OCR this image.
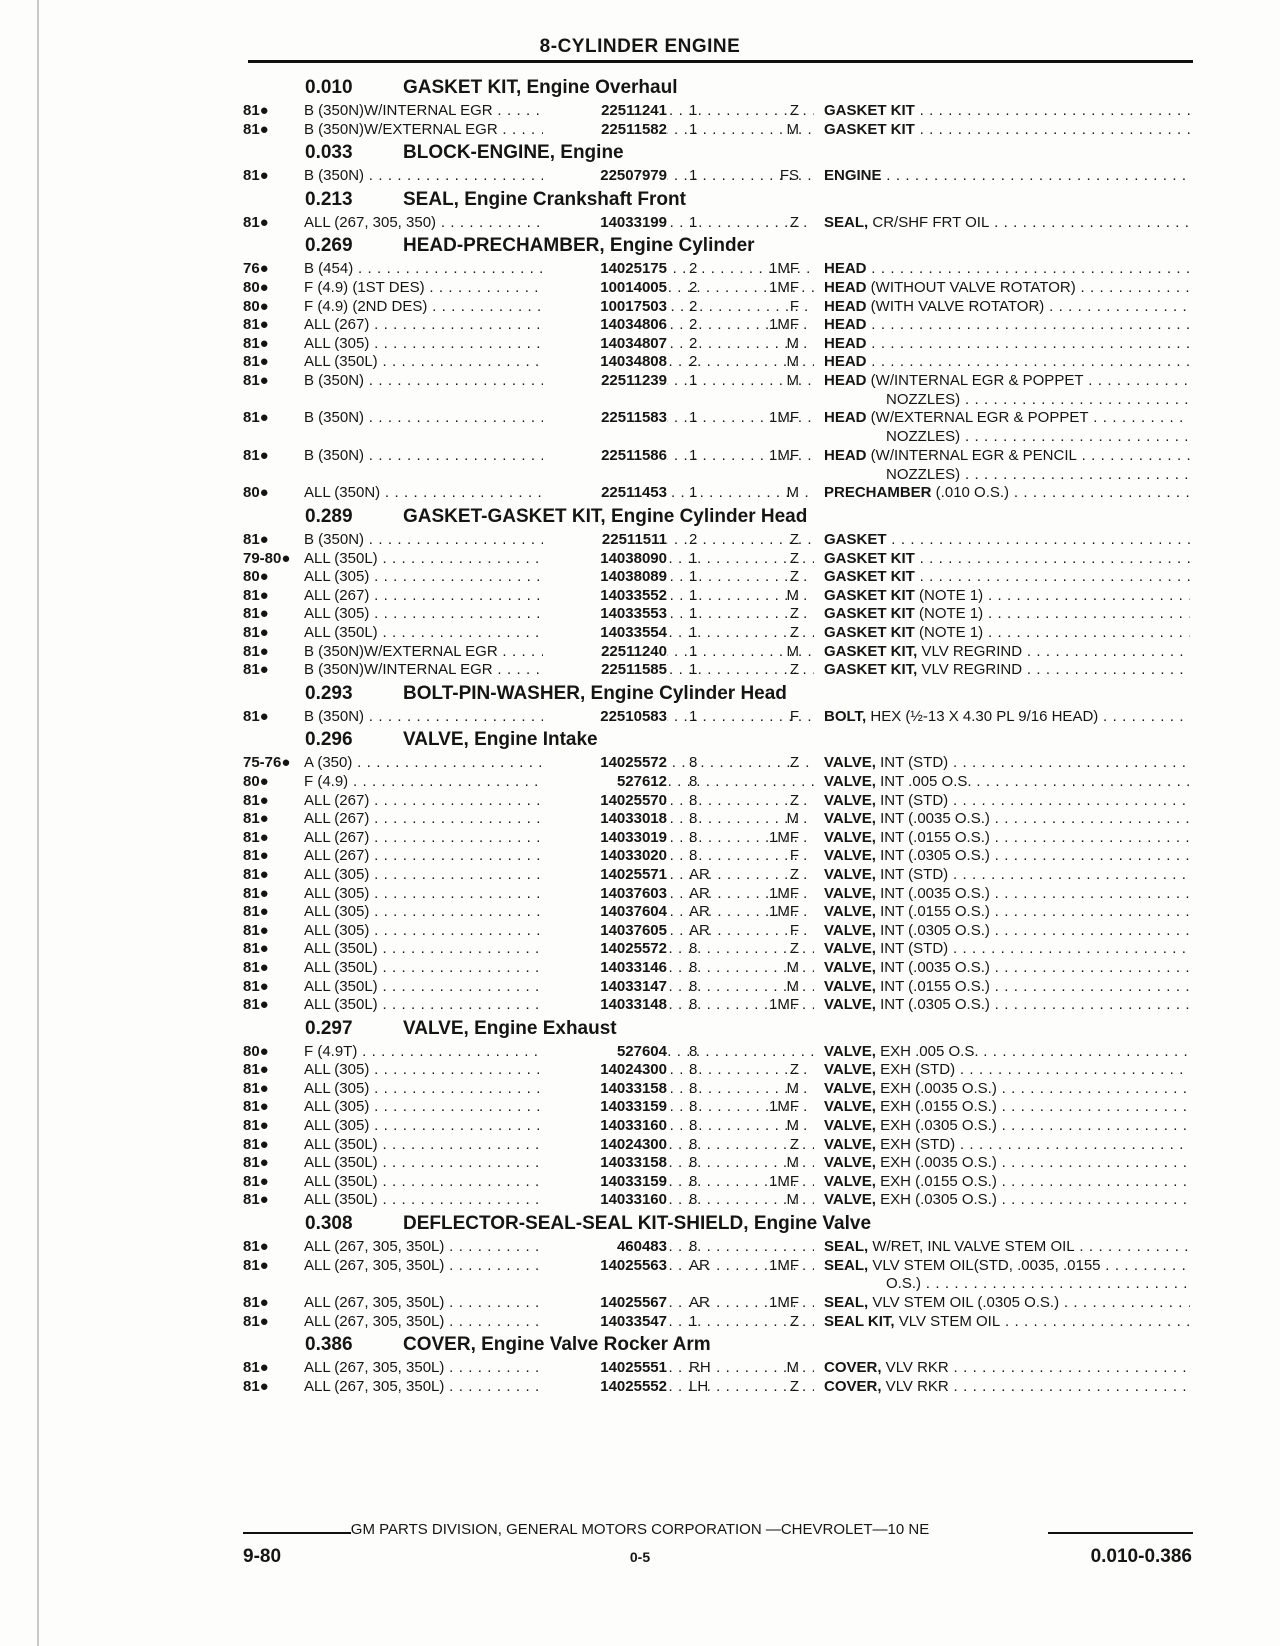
8-CYLINDER ENGINE
0.010	GASKET KIT, Engine Overhaul
81● B (350N)W/INTERNAL EGR . . .	22511241 1	Z GASKET KIT . . .
81● B (350N)W/EXTERNAL EGR . . .	22511582 1	M GASKET KIT . . .
0.033	BLOCK-ENGINE, Engine
81● B (350N) . . .	22507979 1	FS ENGINE . . .
0.213	SEAL, Engine Crankshaft Front
81● ALL (267, 305, 350) . . .	14033199 1	Z SEAL, CR/SHF FRT OIL . . .
0.269	HEAD-PRECHAMBER, Engine Cylinder
76● B (454) . . .	14025175 2	1MF HEAD . . .
80● F (4.9) (1ST DES) . . .	10014005 2	1MF HEAD (WITHOUT VALVE ROTATOR) . . .
80● F (4.9) (2ND DES) . . .	10017503 2	F HEAD (WITH VALVE ROTATOR) . . .
81● ALL (267) . . .	14034806 2	1MF HEAD . . .
81● ALL (305) . . .	14034807 2	M HEAD . . .
81● ALL (350L) . . .	14034808 2	M HEAD . . .
81● B (350N) . . .	22511239 1	M HEAD (W/INTERNAL EGR & POPPET . . .
NOZZLES) . . .
81● B (350N) . . .	22511583 1	1MF HEAD (W/EXTERNAL EGR & POPPET . . .
NOZZLES) . . .
81● B (350N) . . .	22511586 1	1MF HEAD (W/INTERNAL EGR & PENCIL . . .
NOZZLES) . . .
80● ALL (350N) . . .	22511453 1	M PRECHAMBER (.010 O.S.) . . .
0.289	GASKET-GASKET KIT, Engine Cylinder Head
81● B (350N) . . .	22511511 2	Z GASKET . . .
79-80● ALL (350L) . . .	14038090 1	Z GASKET KIT . . .
80● ALL (305) . . .	14038089 1	Z GASKET KIT . . .
81● ALL (267) . . .	14033552 1	M GASKET KIT (NOTE 1) . . .
81● ALL (305) . . .	14033553 1	Z GASKET KIT (NOTE 1) . . .
81● ALL (350L) . . .	14033554 1	Z GASKET KIT (NOTE 1) . . .
81● B (350N)W/EXTERNAL EGR . . .	22511240 1	M GASKET KIT, VLV REGRIND . . .
81● B (350N)W/INTERNAL EGR . . .	22511585 1	Z GASKET KIT, VLV REGRIND . . .
0.293	BOLT-PIN-WASHER, Engine Cylinder Head
81● B (350N) . . .	22510583 1	F BOLT, HEX (½-13 X 4.30 PL 9/16 HEAD) . . .
0.296	VALVE, Engine Intake
75-76● A (350) . . .	14025572 8	Z VALVE, INT (STD) . . .
80● F (4.9) . . .	527612 8	VALVE, INT .005 O.S. . . .
81● ALL (267) . . .	14025570 8	Z VALVE, INT (STD) . . .
81● ALL (267) . . .	14033018 8	M VALVE, INT (.0035 O.S.) . . .
81● ALL (267) . . .	14033019 8	1MF VALVE, INT (.0155 O.S.) . . .
81● ALL (267) . . .	14033020 8	F VALVE, INT (.0305 O.S.) . . .
81● ALL (305) . . .	14025571 AR	Z VALVE, INT (STD) . . .
81● ALL (305) . . .	14037603 AR	1MF VALVE, INT (.0035 O.S.) . . .
81● ALL (305) . . .	14037604 AR	1MF VALVE, INT (.0155 O.S.) . . .
81● ALL (305) . . .	14037605 AR	F VALVE, INT (.0305 O.S.) . . .
81● ALL (350L) . . .	14025572 8	Z VALVE, INT (STD) . . .
81● ALL (350L) . . .	14033146 8	M VALVE, INT (.0035 O.S.) . . .
81● ALL (350L) . . .	14033147 8	M VALVE, INT (.0155 O.S.) . . .
81● ALL (350L) . . .	14033148 8	1MF VALVE, INT (.0305 O.S.) . . .
0.297	VALVE, Engine Exhaust
80● F (4.9T) . . .	527604 8	VALVE, EXH .005 O.S. . . .
81● ALL (305) . . .	14024300 8	Z VALVE, EXH (STD) . . .
81● ALL (305) . . .	14033158 8	M VALVE, EXH (.0035 O.S.) . . .
81● ALL (305) . . .	14033159 8	1MF VALVE, EXH (.0155 O.S.) . . .
81● ALL (305) . . .	14033160 8	M VALVE, EXH (.0305 O.S.) . . .
81● ALL (350L) . . .	14024300 8	Z VALVE, EXH (STD) . . .
81● ALL (350L) . . .	14033158 8	M VALVE, EXH (.0035 O.S.) . . .
81● ALL (350L) . . .	14033159 8	1MF VALVE, EXH (.0155 O.S.) . . .
81● ALL (350L) . . .	14033160 8	M VALVE, EXH (.0305 O.S.) . . .
0.308	DEFLECTOR-SEAL-SEAL KIT-SHIELD, Engine Valve
81● ALL (267, 305, 350L) . . .	460483 8	SEAL, W/RET, INL VALVE STEM OIL . . .
81● ALL (267, 305, 350L) . . .	14025563 AR	1MF SEAL, VLV STEM OIL(STD, .0035, .0155 . . .
O.S.) . . .
81● ALL (267, 305, 350L) . . .	14025567 AR	1MF SEAL, VLV STEM OIL (.0305 O.S.) . . .
81● ALL (267, 305, 350L) . . .	14033547 1	Z SEAL KIT, VLV STEM OIL . . .
0.386	COVER, Engine Valve Rocker Arm
81● ALL (267, 305, 350L) . . .	14025551 RH	M COVER, VLV RKR . . .
81● ALL (267, 305, 350L) . . .	14025552 LH	Z COVER, VLV RKR . . .
GM PARTS DIVISION, GENERAL MOTORS CORPORATION —CHEVROLET—10 NE
9-80	0-5	0.010-0.386
